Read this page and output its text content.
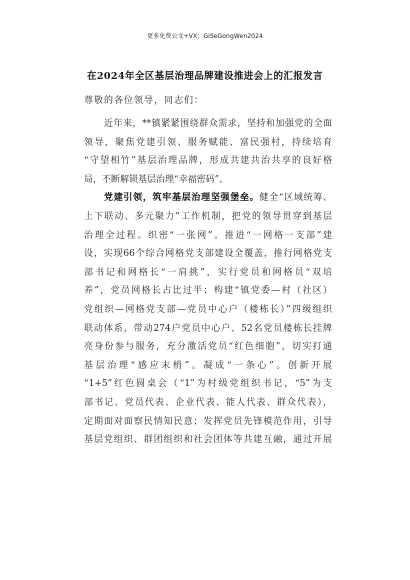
更多免费公文+VX：GiSeGongWen2024
在2024年全区基层治理品牌建设推进会上的汇报发言
尊敬的各位领导，同志们：
近年来，**镇紧紧围绕群众需求，坚持和加强党的全面
领导，聚焦党建引领、服务赋能、富民强村，持续培育
“守望相竹”基层治理品牌，形成共建共治共享的良好格
局，不断解锁基层治理“幸福密码”。
党建引领，筑牢基层治理坚强堡垒。健全“区域统筹、
上下联动、多元聚力”工作机制，把党的领导贯穿到基层
治理全过程。织密“一张网”。推进“一网格一支部”建
设，实现66个综合网格党支部建设全覆盖，推行网格党支
部书记和网格长“一肩挑”，实行党员和网格员“双培
养”，党员网格长占比过半；构建“镇党委—村（社区）
党组织—网格党支部—党员中心户（楼栋长）”四级组织
联动体系，带动274户党员中心户、52名党员楼栋长挂牌
亮身份参与服务，充分激活党员“红色细胞”，切实打通
基层治理“感应末梢”。凝成“一条心”。创新开展
“1+5”红色圆桌会（“1”为村级党组织书记，“5”为支
部书记、党员代表、企业代表、能人代表、群众代表），
定期面对面察民情知民意；发挥党员先锋模范作用，引导
基层党组织、群团组织和社会团体等共建互融，通过开展
